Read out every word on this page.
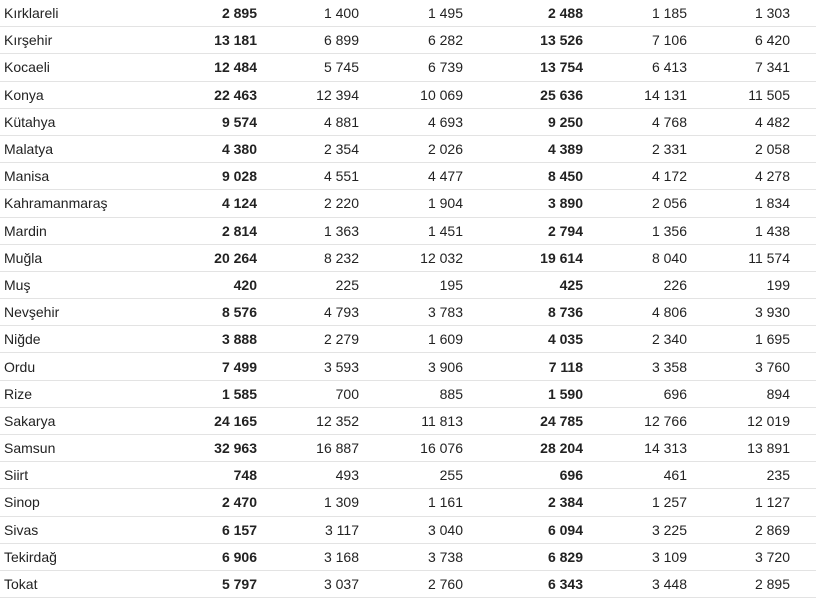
Kırklareli	2 895	1 400	1 495	2 488	1 185	1 303	
Kırşehir	13 181	6 899	6 282	13 526	7 106	6 420	
Kocaeli	12 484	5 745	6 739	13 754	6 413	7 341	
Konya	22 463	12 394	10 069	25 636	14 131	11 505	
Kütahya	9 574	4 881	4 693	9 250	4 768	4 482	
Malatya	4 380	2 354	2 026	4 389	2 331	2 058	
Manisa	9 028	4 551	4 477	8 450	4 172	4 278	
Kahramanmaraş	4 124	2 220	1 904	3 890	2 056	1 834	
Mardin	2 814	1 363	1 451	2 794	1 356	1 438	
Muğla	20 264	8 232	12 032	19 614	8 040	11 574	
Muş	420	225	195	425	226	199	
Nevşehir	8 576	4 793	3 783	8 736	4 806	3 930	
Niğde	3 888	2 279	1 609	4 035	2 340	1 695	
Ordu	7 499	3 593	3 906	7 118	3 358	3 760	
Rize	1 585	700	885	1 590	696	894	
Sakarya	24 165	12 352	11 813	24 785	12 766	12 019	
Samsun	32 963	16 887	16 076	28 204	14 313	13 891	
Siirt	748	493	255	696	461	235	
Sinop	2 470	1 309	1 161	2 384	1 257	1 127	
Sivas	6 157	3 117	3 040	6 094	3 225	2 869	
Tekirdağ	6 906	3 168	3 738	6 829	3 109	3 720	
Tokat	5 797	3 037	2 760	6 343	3 448	2 895	
